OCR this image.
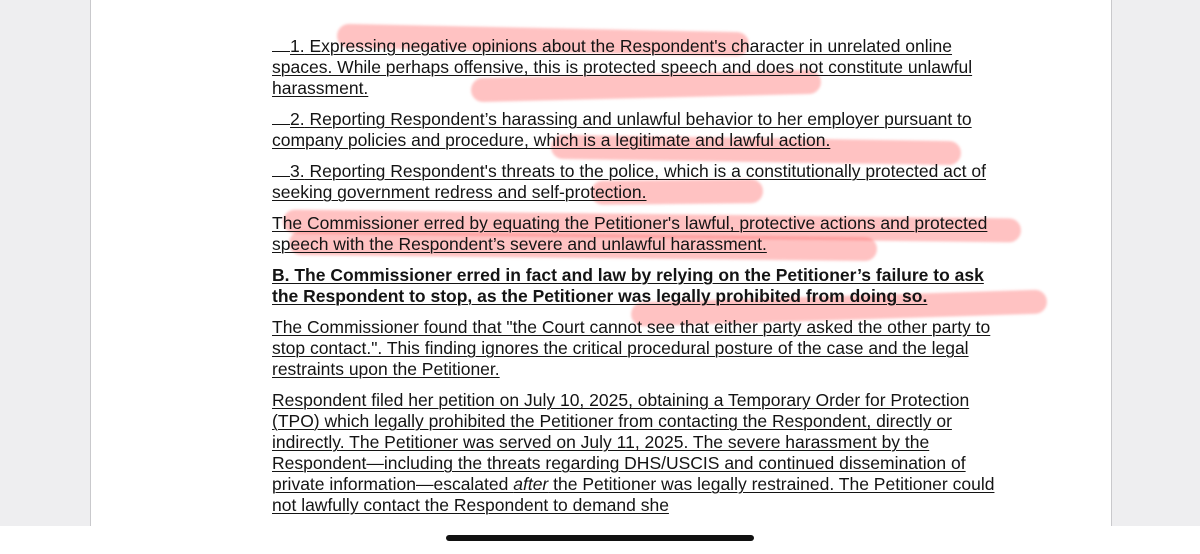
1. Expressing negative opinions about the Respondent's character in unrelated online spaces. While perhaps offensive, this is protected speech and does not constitute unlawful harassment.

2. Reporting Respondent’s harassing and unlawful behavior to her employer pursuant to company policies and procedure, which is a legitimate and lawful action.

3. Reporting Respondent's threats to the police, which is a constitutionally protected act of seeking government redress and self-protection.

The Commissioner erred by equating the Petitioner's lawful, protective actions and protected speech with the Respondent’s severe and unlawful harassment.

B. The Commissioner erred in fact and law by relying on the Petitioner’s failure to ask the Respondent to stop, as the Petitioner was legally prohibited from doing so.

The Commissioner found that "the Court cannot see that either party asked the other party to stop contact.". This finding ignores the critical procedural posture of the case and the legal restraints upon the Petitioner.

Respondent filed her petition on July 10, 2025, obtaining a Temporary Order for Protection (TPO) which legally prohibited the Petitioner from contacting the Respondent, directly or indirectly. The Petitioner was served on July 11, 2025. The severe harassment by the Respondent—including the threats regarding DHS/USCIS and continued dissemination of private information—escalated after the Petitioner was legally restrained. The Petitioner could not lawfully contact the Respondent to demand she
